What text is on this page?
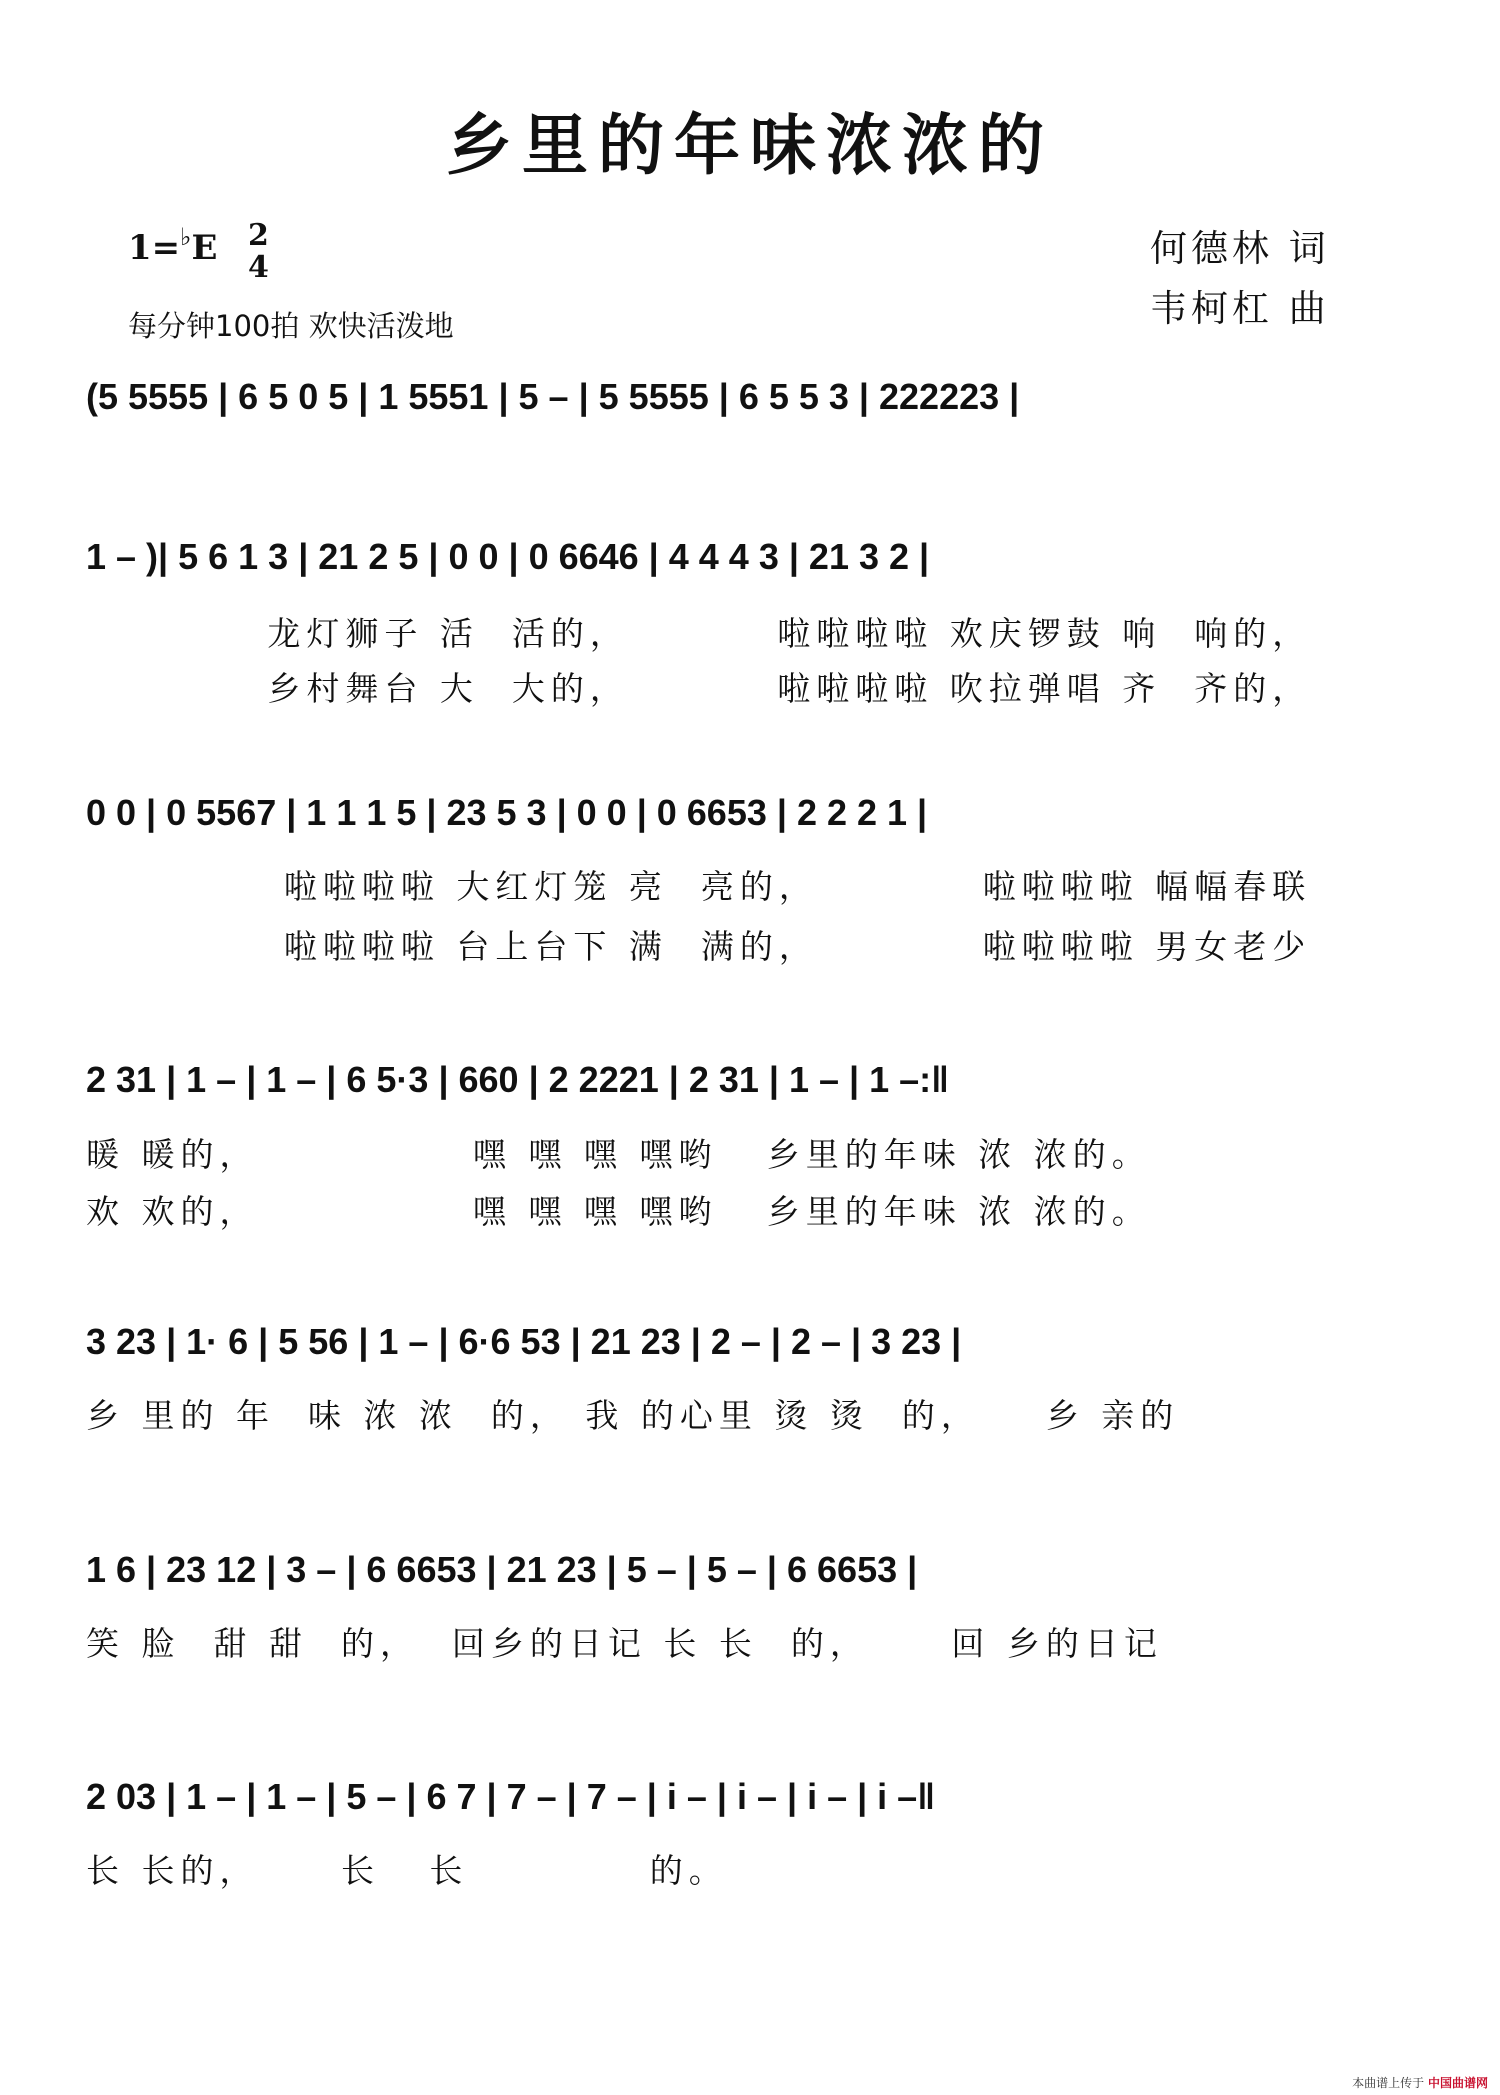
乡里的年味浓浓的
1=♭E 2
4
每分钟100拍 欢快活泼地
何德林 词
韦柯杠 曲
(5 5555 | 6 5 0 5 | 1 5551 | 5 – | 5 5555 | 6 5 5 3 | 222223 |
1 – )| 5 6 1 3 | 21 2 5 | 0 0 | 0 6646 | 4 4 4 3 | 21 3 2 |
龙灯狮子 活  活的，         啦啦啦啦 欢庆锣鼓 响  响的，
乡村舞台 大  大的，         啦啦啦啦 吹拉弹唱 齐  齐的，
0 0 | 0 5567 | 1 1 1 5 | 23 5 3 | 0 0 | 0 6653 | 2 2 2 1 |
啦啦啦啦 大红灯笼 亮  亮的，          啦啦啦啦 幅幅春联
啦啦啦啦 台上台下 满  满的，          啦啦啦啦 男女老少
2 31 | 1 – | 1 – | 6 5·3 | 660 | 2 2221 | 2 31 | 1 – | 1 –:‖
暖 暖的，             嘿 嘿 嘿 嘿哟   乡里的年味 浓 浓的。
欢 欢的，             嘿 嘿 嘿 嘿哟   乡里的年味 浓 浓的。
3 23 | 1· 6 | 5 56 | 1 – | 6·6 53 | 21 23 | 2 – | 2 – | 3 23 |
乡 里的 年  味 浓 浓  的， 我 的心里 烫 烫  的，    乡 亲的
1 6 | 23 12 | 3 – | 6 6653 | 21 23 | 5 – | 5 – | 6 6653 |
笑 脸  甜 甜  的，  回乡的日记 长 长  的，     回 乡的日记
2 03 | 1 – | 1 – | 5 – | 6 7 | 7 – | 7 – | i – | i – | i – | i –‖
长 长的，     长   长           的。
本曲谱上传于 中国曲谱网
